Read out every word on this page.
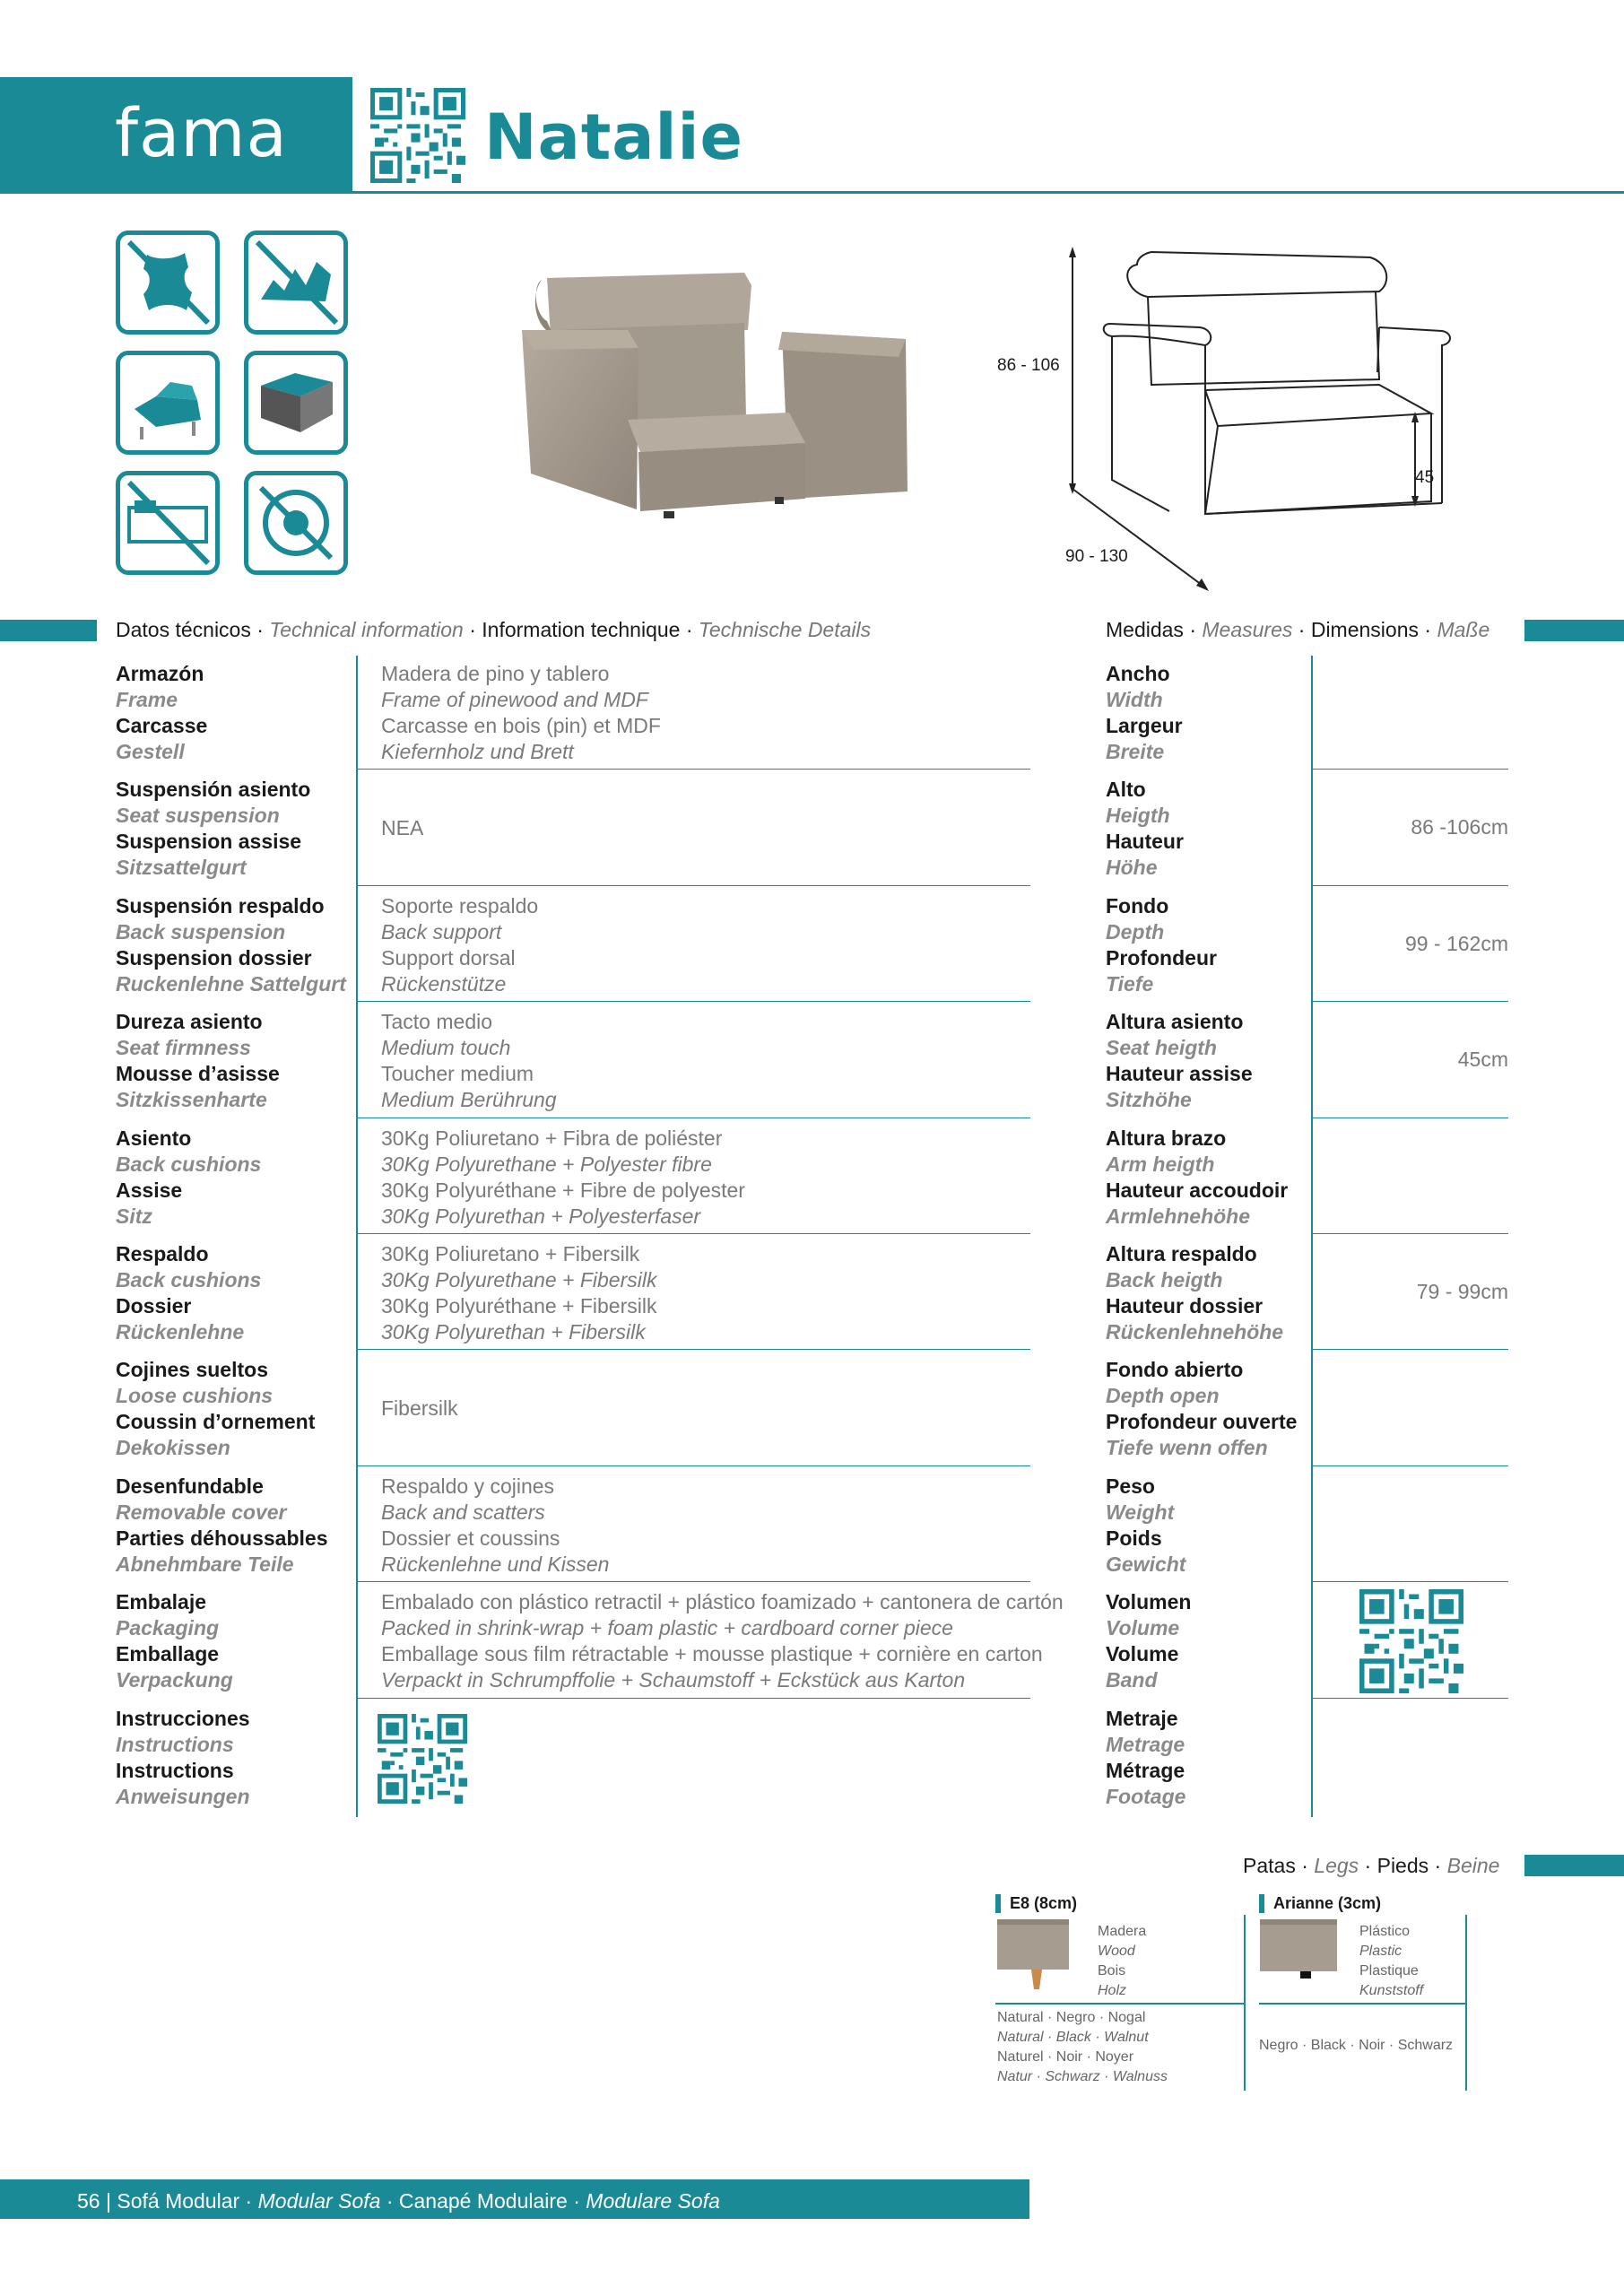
fama	Natalie
86 - 106
45
90 - 130
Datos técnicos · Technical information · Information technique · Technische Details	Medidas · Measures · Dimensions · Maße
Armazón
Frame
Carcasse
Gestell
Madera de pino y tablero
Frame of pinewood and MDF
Carcasse en bois (pin) et MDF
Kiefernholz und Brett
Suspensión asiento
Seat suspension
Suspension assise
Sitzsattelgurt
NEA
Suspensión respaldo
Back suspension
Suspension dossier
Ruckenlehne Sattelgurt
Soporte respaldo
Back support
Support dorsal
Rückenstütze
Dureza asiento
Seat firmness
Mousse d’asisse
Sitzkissenharte
Tacto medio
Medium touch
Toucher medium
Medium Berührung
Asiento
Back cushions
Assise
Sitz
30Kg Poliuretano + Fibra de poliéster
30Kg Polyurethane + Polyester fibre
30Kg Polyuréthane + Fibre de polyester
30Kg Polyurethan + Polyesterfaser
Respaldo
Back cushions
Dossier
Rückenlehne
30Kg Poliuretano + Fibersilk
30Kg Polyurethane + Fibersilk
30Kg Polyuréthane + Fibersilk
30Kg Polyurethan + Fibersilk
Cojines sueltos
Loose cushions
Coussin d’ornement
Dekokissen
Fibersilk
Desenfundable
Removable cover
Parties déhoussables
Abnehmbare Teile
Respaldo y cojines
Back and scatters
Dossier et coussins
Rückenlehne und Kissen
Embalaje
Packaging
Emballage
Verpackung
Embalado con plástico retractil + plástico foamizado + cantonera de cartón
Packed in shrink-wrap + foam plastic + cardboard corner piece
Emballage sous film rétractable + mousse plastique + cornière en carton
Verpackt in Schrumpffolie + Schaumstoff + Eckstück aus Karton
Instrucciones
Instructions
Instructions
Anweisungen
Ancho
Width
Largeur
Breite
Alto
Heigth
Hauteur
Höhe
86 -106cm
Fondo
Depth
Profondeur
Tiefe
99 - 162cm
Altura asiento
Seat heigth
Hauteur assise
Sitzhöhe
45cm
Altura brazo
Arm heigth
Hauteur accoudoir
Armlehnehöhe
Altura respaldo
Back heigth
Hauteur dossier
Rückenlehnehöhe
79 - 99cm
Fondo abierto
Depth open
Profondeur ouverte
Tiefe wenn offen
Peso
Weight
Poids
Gewicht
Volumen
Volume
Volume
Band
Metraje
Metrage
Métrage
Footage
Patas · Legs · Pieds · Beine
E8 (8cm)
Madera
Wood
Bois
Holz
Natural · Negro · Nogal
Natural · Black · Walnut
Naturel · Noir · Noyer
Natur · Schwarz · Walnuss
Arianne (3cm)
Plástico
Plastic
Plastique
Kunststoff
Negro · Black · Noir · Schwarz
56 | Sofá Modular · Modular Sofa · Canapé Modulaire · Modulare Sofa
